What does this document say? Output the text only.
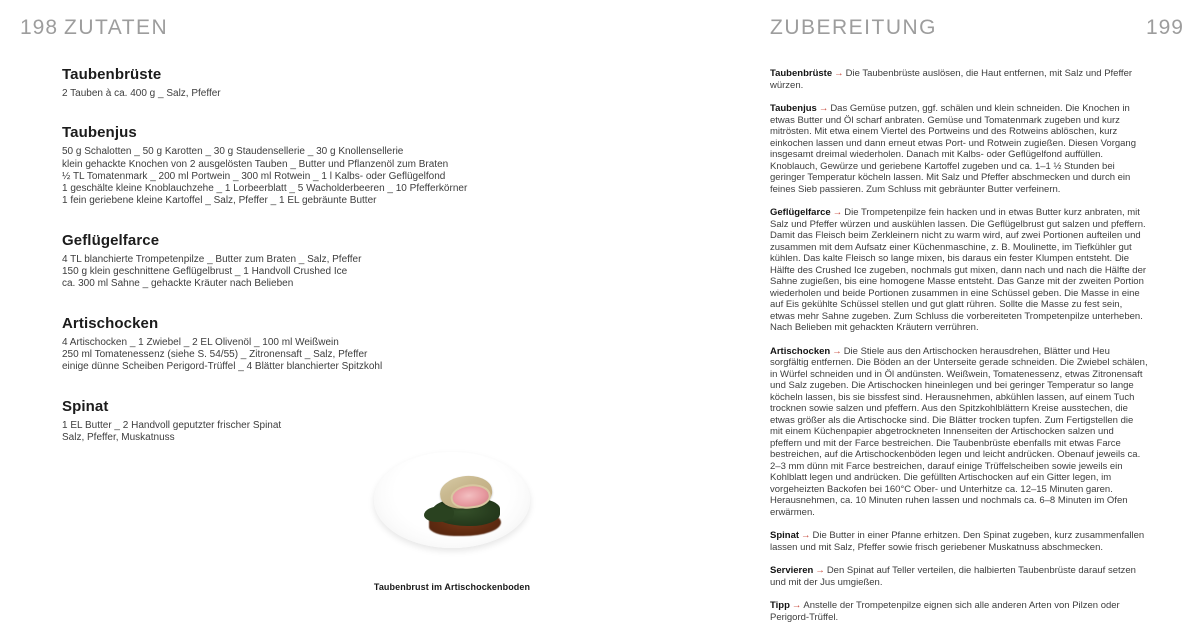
198 ZUTATEN
Taubenbrüste
2 Tauben à ca. 400 g _ Salz, Pfeffer
Taubenjus
50 g Schalotten _ 50 g Karotten _ 30 g Staudensellerie _ 30 g Knollensellerie
klein gehackte Knochen von 2 ausgelösten Tauben _ Butter und Pflanzenöl zum Braten
½ TL Tomatenmark _ 200 ml Portwein _ 300 ml Rotwein _ 1 l Kalbs- oder Geflügelfond
1 geschälte kleine Knoblauchzehe _ 1 Lorbeerblatt _ 5 Wacholderbeeren _ 10 Pfefferkörner
1 fein geriebene kleine Kartoffel _ Salz, Pfeffer _ 1 EL gebräunte Butter
Geflügelfarce
4 TL blanchierte Trompetenpilze _ Butter zum Braten _ Salz, Pfeffer
150 g klein geschnittene Geflügelbrust _ 1 Handvoll Crushed Ice
ca. 300 ml Sahne _ gehackte Kräuter nach Belieben
Artischocken
4 Artischocken _ 1 Zwiebel _ 2 EL Olivenöl _ 100 ml Weißwein
250 ml Tomatenessenz (siehe S. 54/55) _ Zitronensaft _ Salz, Pfeffer
einige dünne Scheiben Perigord-Trüffel _ 4 Blätter blanchierter Spitzkohl
Spinat
1 EL Butter _ 2 Handvoll geputzter frischer Spinat
Salz, Pfeffer, Muskatnuss
Taubenbrust im Artischockenboden
ZUBEREITUNG	199
Taubenbrüste → Die Taubenbrüste auslösen, die Haut entfernen, mit Salz und Pfeffer würzen.
Taubenjus → Das Gemüse putzen, ggf. schälen und klein schneiden. Die Knochen in etwas Butter und Öl scharf anbraten. Gemüse und Tomatenmark zugeben und kurz mitrösten. Mit etwa einem Viertel des Portweins und des Rotweins ablöschen, kurz einkochen lassen und dann erneut etwas Port- und Rotwein zugießen. Diesen Vorgang insgesamt dreimal wiederholen. Danach mit Kalbs- oder Geflügelfond auffüllen. Knoblauch, Gewürze und geriebene Kartoffel zugeben und ca. 1–1 ½ Stunden bei geringer Temperatur köcheln lassen. Mit Salz und Pfeffer abschmecken und durch ein feines Sieb passieren. Zum Schluss mit gebräunter Butter verfeinern.
Geflügelfarce → Die Trompetenpilze fein hacken und in etwas Butter kurz anbraten, mit Salz und Pfeffer würzen und auskühlen lassen. Die Geflügelbrust gut salzen und pfeffern. Damit das Fleisch beim Zerkleinern nicht zu warm wird, auf zwei Portionen aufteilen und zusammen mit dem Aufsatz einer Küchenmaschine, z. B. Moulinette, im Tiefkühler gut kühlen. Das kalte Fleisch so lange mixen, bis daraus ein fester Klumpen entsteht. Die Hälfte des Crushed Ice zugeben, nochmals gut mixen, dann nach und nach die Hälfte der Sahne zugießen, bis eine homogene Masse entsteht. Das Ganze mit der zweiten Portion wiederholen und beide Portionen zusammen in eine Schüssel geben. Die Masse in eine auf Eis gekühlte Schüssel stellen und gut glatt rühren. Sollte die Masse zu fest sein, etwas mehr Sahne zugeben. Zum Schluss die vorbereiteten Trompetenpilze unterheben. Nach Belieben mit gehackten Kräutern verrühren.
Artischocken → Die Stiele aus den Artischocken herausdrehen, Blätter und Heu sorgfältig entfernen. Die Böden an der Unterseite gerade schneiden. Die Zwiebel schälen, in Würfel schneiden und in Öl andünsten. Weißwein, Tomatenessenz, etwas Zitronensaft und Salz zugeben. Die Artischocken hineinlegen und bei geringer Temperatur so lange köcheln lassen, bis sie bissfest sind. Herausnehmen, abkühlen lassen, auf einem Tuch trocknen sowie salzen und pfeffern. Aus den Spitzkohlblättern Kreise ausstechen, die etwas größer als die Artischocke sind. Die Blätter trocken tupfen. Zum Fertigstellen die mit einem Küchenpapier abgetrockneten Innenseiten der Artischocken salzen und pfeffern und mit der Farce bestreichen. Die Taubenbrüste ebenfalls mit etwas Farce bestreichen, auf die Artischockenböden legen und leicht andrücken. Obenauf jeweils ca. 2–3 mm dünn mit Farce bestreichen, darauf einige Trüffelscheiben sowie jeweils ein Kohlblatt legen und andrücken. Die gefüllten Artischocken auf ein Gitter legen, im vorgeheizten Backofen bei 160°C Ober- und Unterhitze ca. 12–15 Minuten garen. Herausnehmen, ca. 10 Minuten ruhen lassen und nochmals ca. 6–8 Minuten im Ofen erwärmen.
Spinat → Die Butter in einer Pfanne erhitzen. Den Spinat zugeben, kurz zusammenfallen lassen und mit Salz, Pfeffer sowie frisch geriebener Muskatnuss abschmecken.
Servieren → Den Spinat auf Teller verteilen, die halbierten Taubenbrüste darauf setzen und mit der Jus umgießen.
Tipp → Anstelle der Trompetenpilze eignen sich alle anderen Arten von Pilzen oder Perigord-Trüffel.
